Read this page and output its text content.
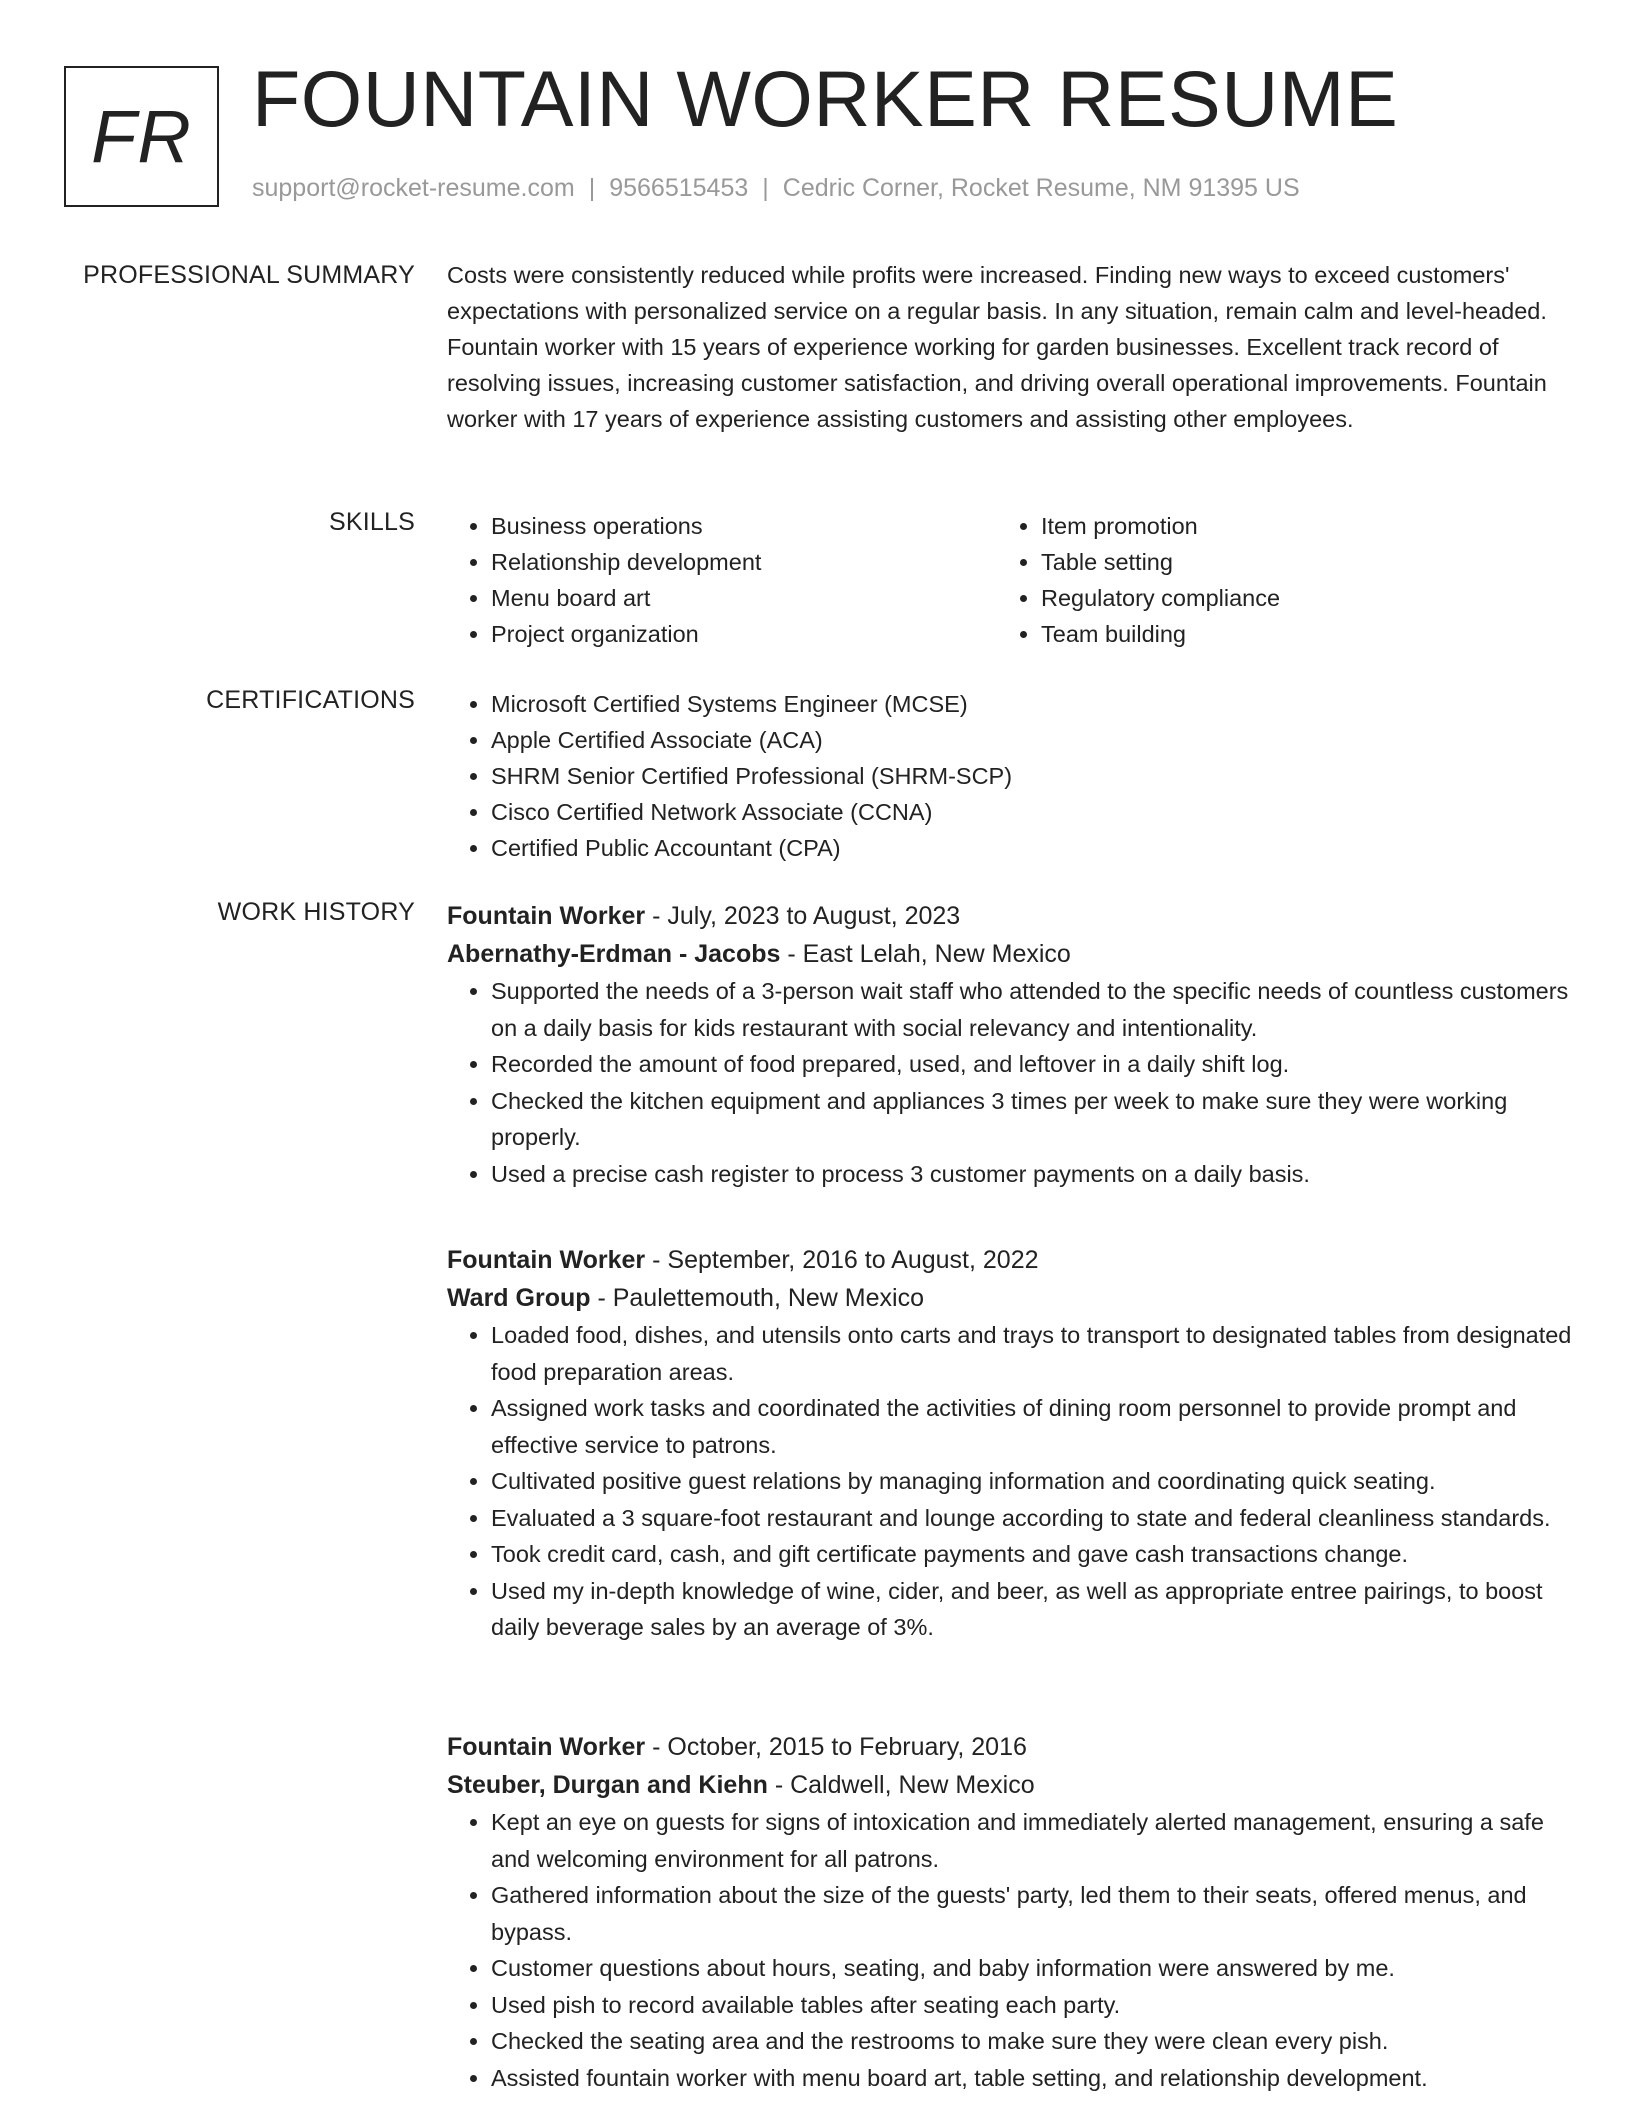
FR FOUNTAIN WORKER RESUME
support@rocket-resume.com | 9566515453 | Cedric Corner, Rocket Resume, NM 91395 US
PROFESSIONAL SUMMARY Costs were consistently reduced while profits were increased. Finding new ways to exceed customers' expectations with personalized service on a regular basis. In any situation, remain calm and level-headed. Fountain worker with 15 years of experience working for garden businesses. Excellent track record of resolving issues, increasing customer satisfaction, and driving overall operational improvements. Fountain worker with 17 years of experience assisting customers and assisting other employees.

SKILLS	• Business operations
• Relationship development
• Menu board art
• Project organization
• Item promotion
• Table setting
• Regulatory compliance
• Team building
CERTIFICATIONS	• Microsoft Certified Systems Engineer (MCSE)
• Apple Certified Associate (ACA)
• SHRM Senior Certified Professional (SHRM-SCP)
• Cisco Certified Network Associate (CCNA)
• Certified Public Accountant (CPA)
WORK HISTORY Fountain Worker - July, 2023 to August, 2023
Abernathy-Erdman - Jacobs - East Lelah, New Mexico
• Supported the needs of a 3-person wait staff who attended to the specific needs of countless customers on a daily basis for kids restaurant with social relevancy and intentionality.
• Recorded the amount of food prepared, used, and leftover in a daily shift log.
• Checked the kitchen equipment and appliances 3 times per week to make sure they were working properly.
• Used a precise cash register to process 3 customer payments on a daily basis.
Fountain Worker - September, 2016 to August, 2022
Ward Group - Paulettemouth, New Mexico
• Loaded food, dishes, and utensils onto carts and trays to transport to designated tables from designated food preparation areas.
• Assigned work tasks and coordinated the activities of dining room personnel to provide prompt and effective service to patrons.
• Cultivated positive guest relations by managing information and coordinating quick seating.
• Evaluated a 3 square-foot restaurant and lounge according to state and federal cleanliness standards.
• Took credit card, cash, and gift certificate payments and gave cash transactions change.
• Used my in-depth knowledge of wine, cider, and beer, as well as appropriate entree pairings, to boost daily beverage sales by an average of 3%.
Fountain Worker - October, 2015 to February, 2016
Steuber, Durgan and Kiehn - Caldwell, New Mexico
• Kept an eye on guests for signs of intoxication and immediately alerted management, ensuring a safe and welcoming environment for all patrons.
• Gathered information about the size of the guests' party, led them to their seats, offered menus, and bypass.
• Customer questions about hours, seating, and baby information were answered by me.
• Used pish to record available tables after seating each party.
• Checked the seating area and the restrooms to make sure they were clean every pish.
• Assisted fountain worker with menu board art, table setting, and relationship development.
